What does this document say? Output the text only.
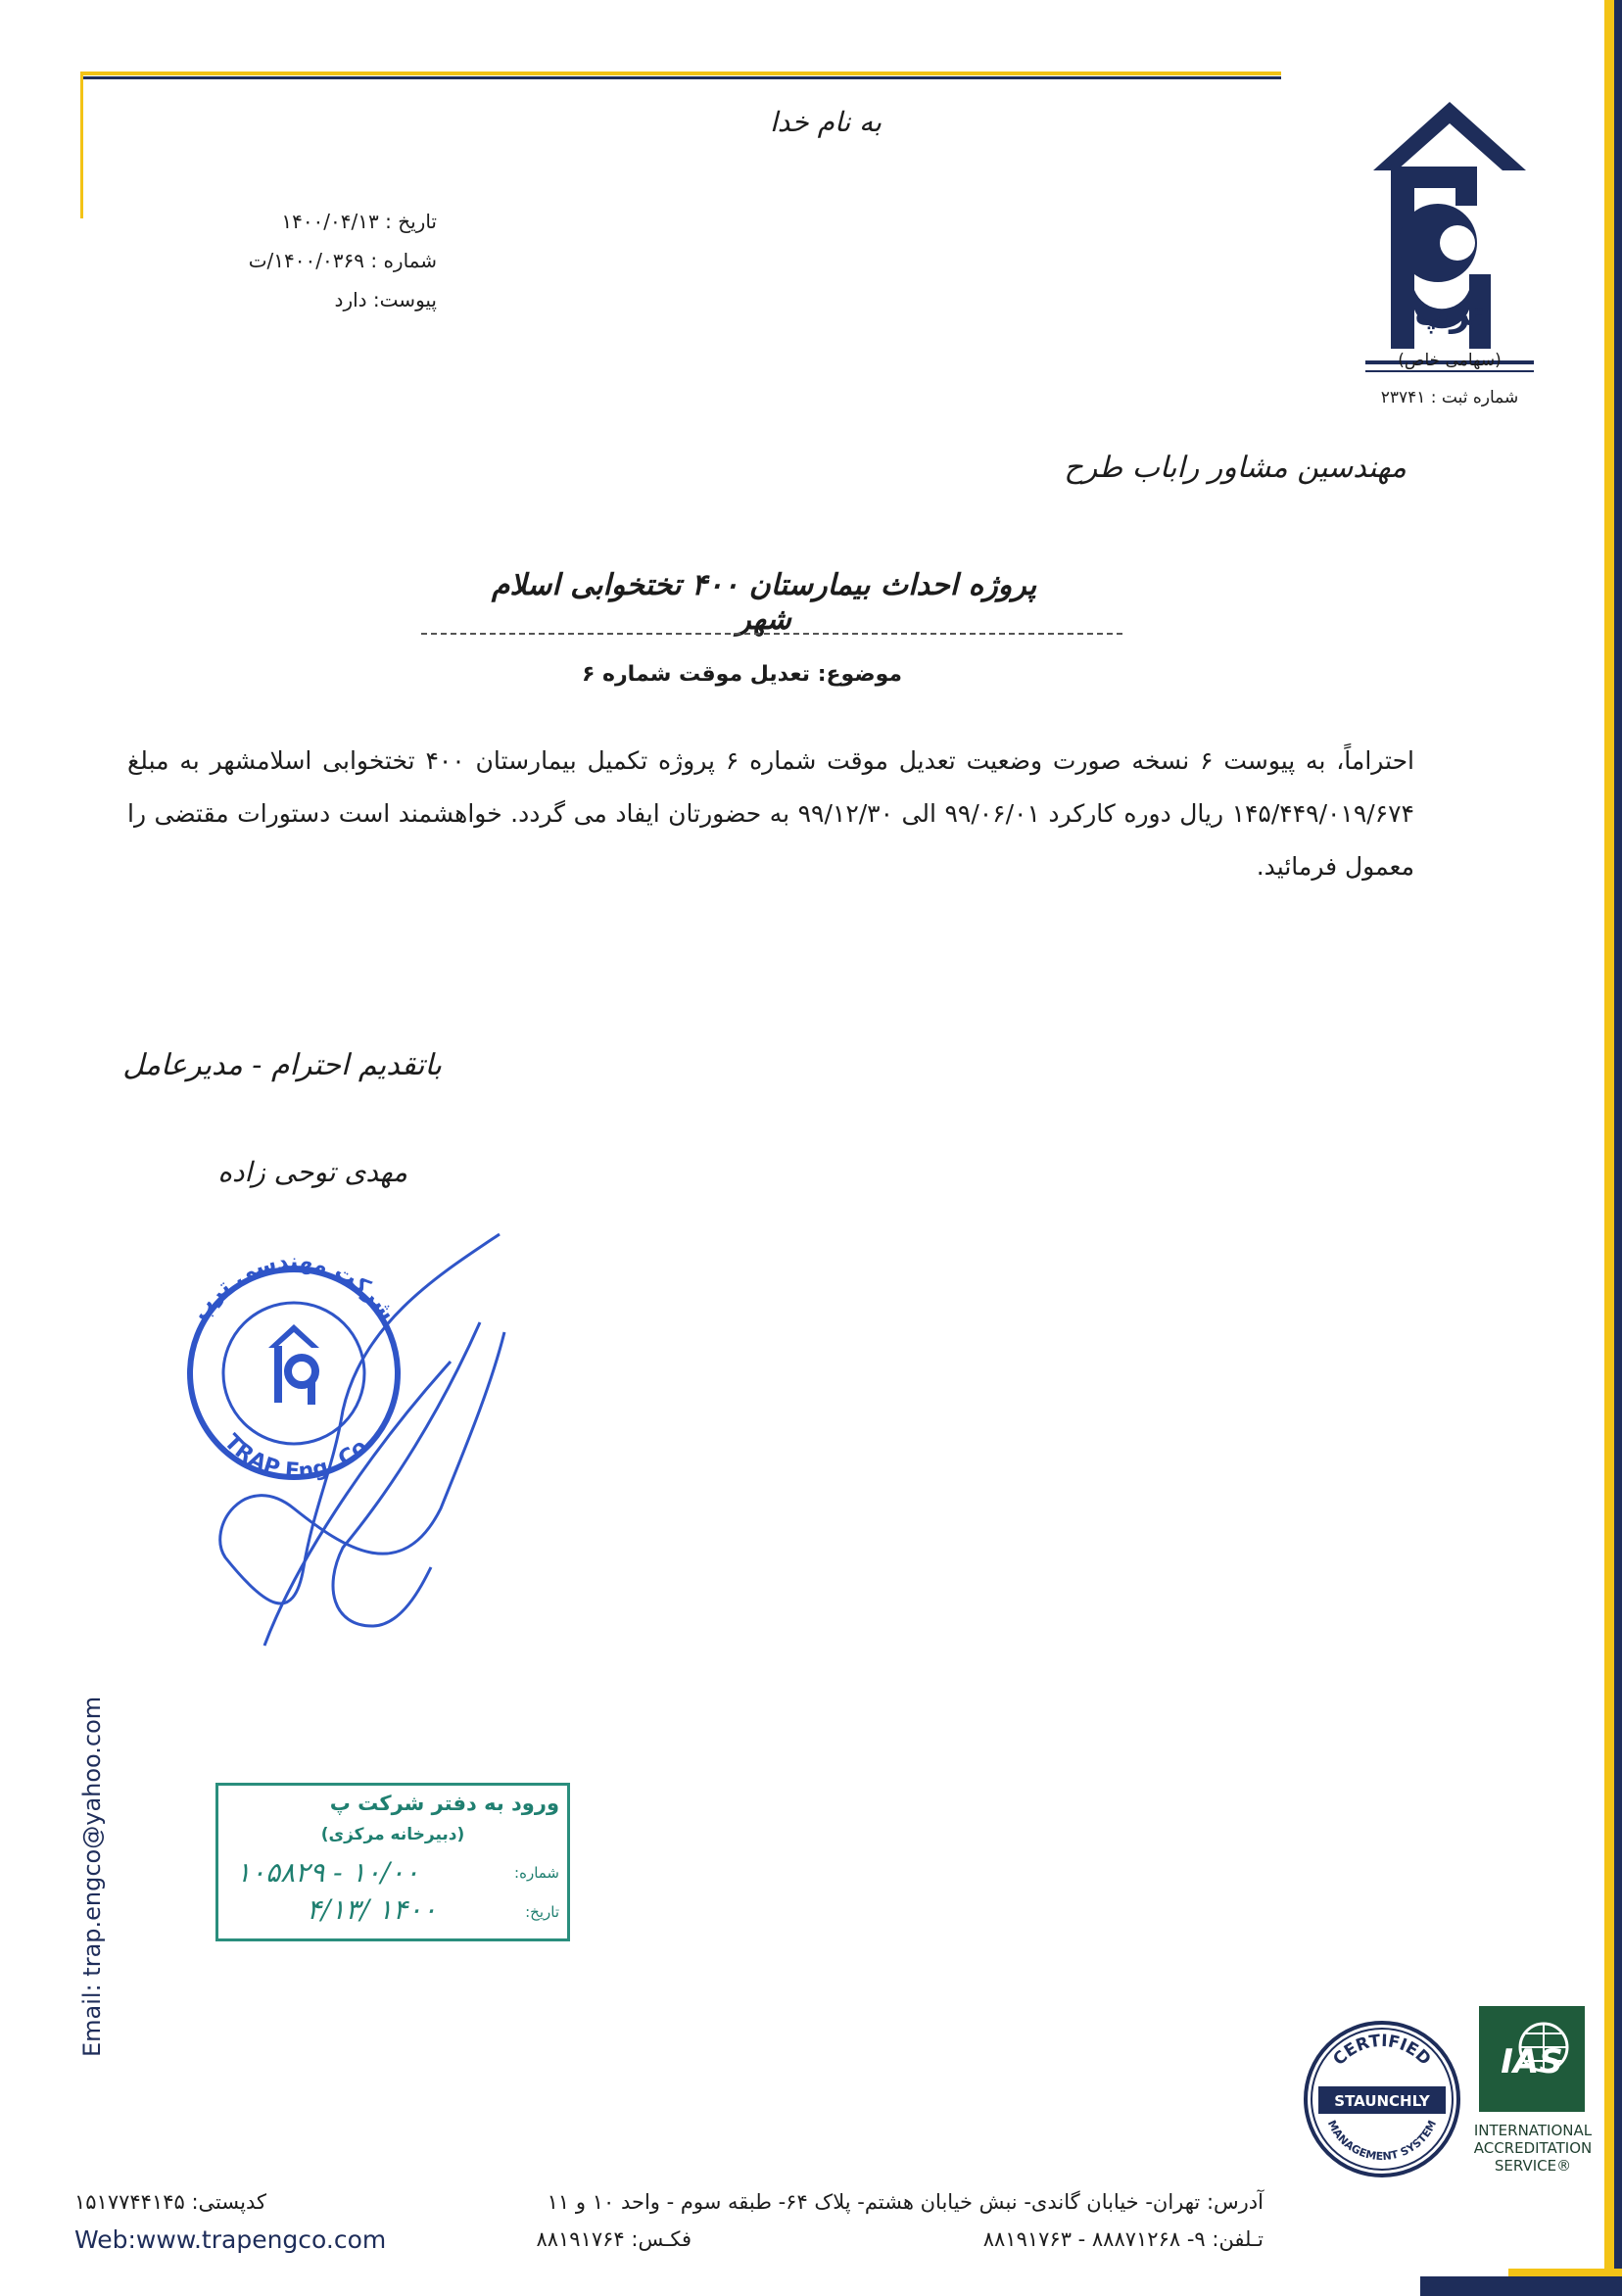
به نام خدا
تاریخ : ۱۴۰۰/۰۴/۱۳
شماره : ۱۴۰۰/۰۳۶۹/ت
پیوست: دارد	ترپ
(سهامی خاص)
شماره ثبت : ۲۳۷۴۱
مهندسین مشاور راباب طرح
پروژه احداث بیمارستان ۴۰۰ تختخوابی اسلام شهر
موضوع: تعدیل موقت شماره ۶
احتراماً، به پیوست ۶ نسخه صورت وضعیت تعدیل موقت شماره ۶ پروژه تکمیل بیمارستان ۴۰۰ تختخوابی اسلامشهر به مبلغ ۱۴۵/۴۴۹/۰۱۹/۶۷۴ ریال دوره کارکرد ۹۹/۰۶/۰۱ الی ۹۹/۱۲/۳۰ به حضورتان ایفاد می گردد. خواهشمند است دستورات مقتضی را معمول فرمائید.
باتقدیم احترام - مدیرعامل
مهدی توحی زاده
شرکت مهندسی ترپ
TRAP Eng. Co.
Email: trap.engco@yahoo.com	ورود به دفتر شرکت پ
(دبیرخانه مرکزی)
شماره:
تاریخ:
۱۰/۰۰ - ۱۰۵۸۲۹
۱۴۰۰ /۴/۱۳
CERTIFIED
STAUNCHLY
MANAGEMENT SYSTEM
IAS
INTERNATIONAL
ACCREDITATION
SERVICE®
آدرس: تهران- خیابان گاندی- نبش خیابان هشتم- پلاک ۶۴- طبقه سوم - واحد ۱۰ و ۱۱
تـلفن: ۹- ۸۸۸۷۱۲۶۸ - ۸۸۱۹۱۷۶۳
فکـس: ۸۸۱۹۱۷۶۴
کدپستی: ۱۵۱۷۷۴۴۱۴۵
Web:www.trapengco.com
